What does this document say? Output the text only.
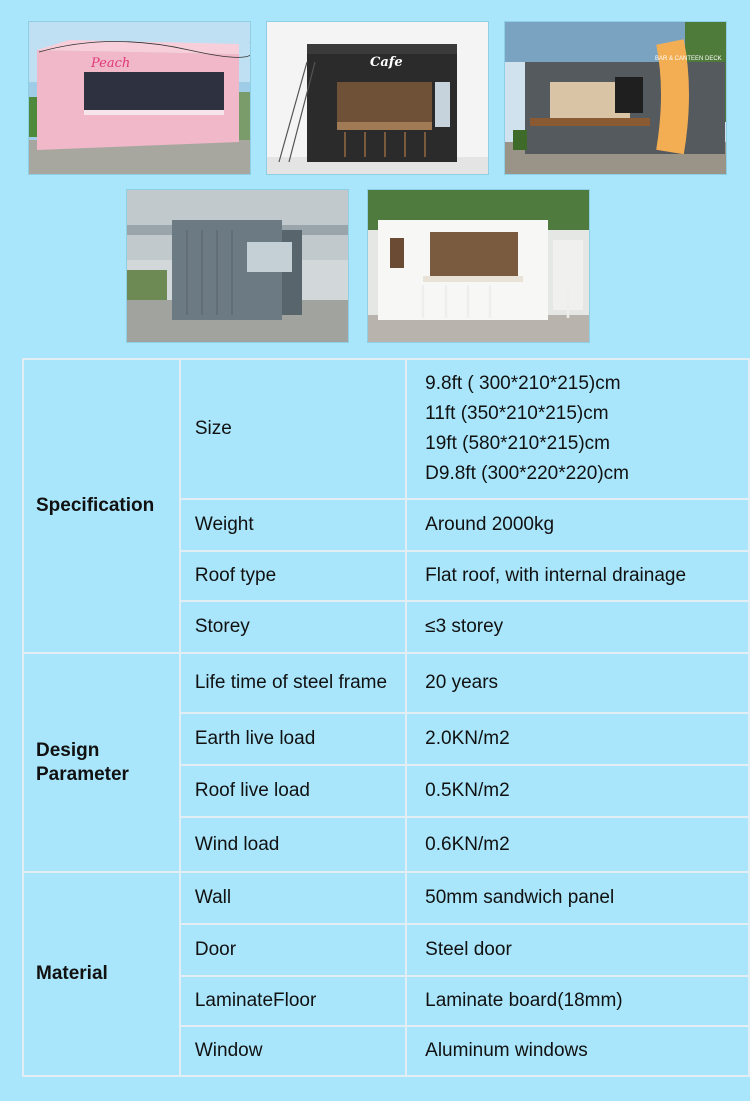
Peach	Cafe	BAR & CANTEEN DECK
Specification	Size	9.8ft ( 300*210*215)cm
11ft (350*210*215)cm
19ft (580*210*215)cm
D9.8ft (300*220*220)cm

	Weight	Around 2000kg
	Roof type	Flat roof, with internal drainage
	Storey	≤3 storey

Design
Parameter	Life time of steel frame	20 years
	Earth live load	2.0KN/m2
	Roof live load	0.5KN/m2
	Wind load	0.6KN/m2

Material	Wall	50mm sandwich panel
	Door	Steel door
	LaminateFloor	Laminate board(18mm)
	Window	Aluminum windows
